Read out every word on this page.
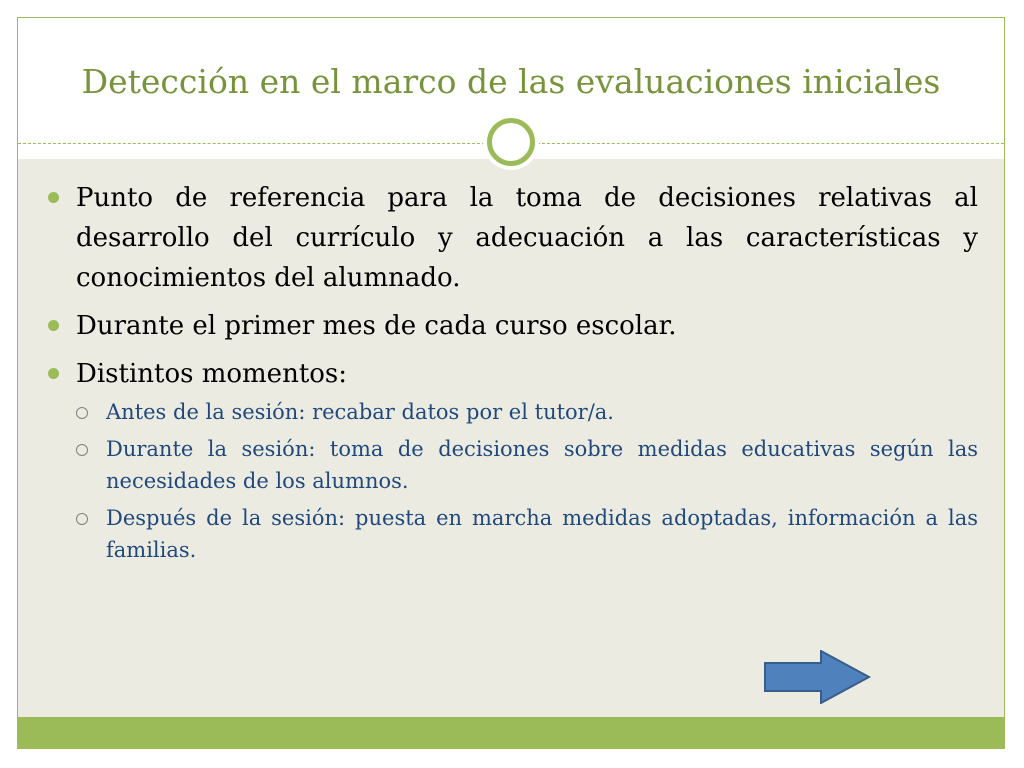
Detección en el marco de las evaluaciones iniciales
Punto de referencia para la toma de decisiones relativas al desarrollo del currículo y adecuación a las características y conocimientos del alumnado.
Durante el primer mes de cada curso escolar.
Distintos momentos:
Antes de la sesión: recabar datos por el tutor/a.
Durante la sesión: toma de decisiones sobre medidas educativas según las necesidades de los alumnos.
Después de la sesión: puesta en marcha medidas adoptadas, información a las familias.
